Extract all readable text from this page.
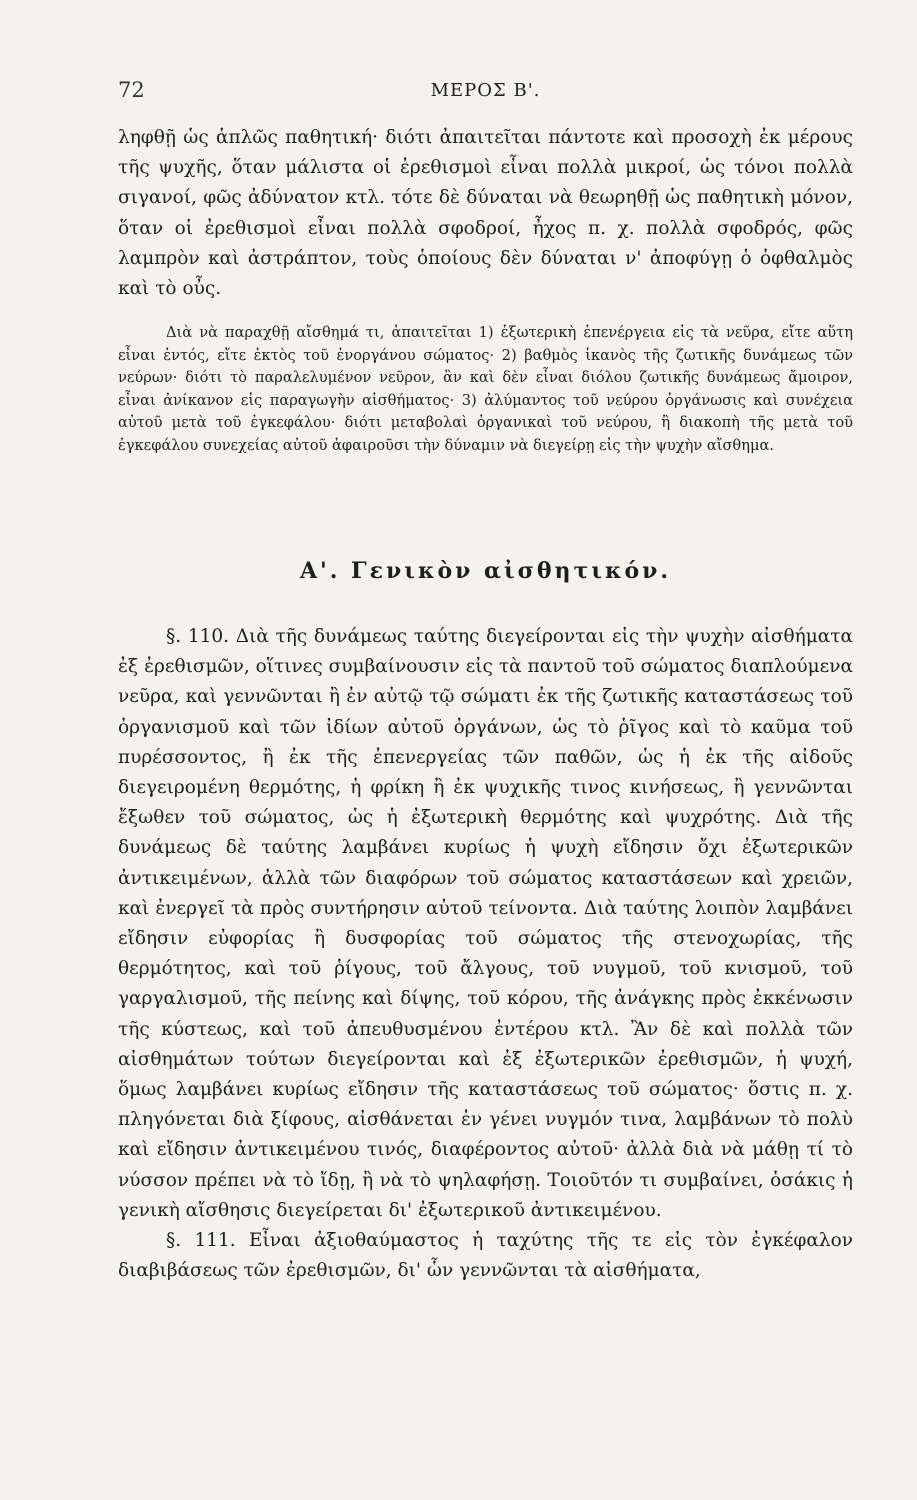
72	ΜΕΡΟΣ Β'.

ληφθῇ ὡς ἁπλῶς παθητική· διότι ἀπαιτεῖται πάντοτε καὶ προσοχὴ ἐκ μέρους τῆς ψυχῆς, ὅταν μάλιστα οἱ ἐρεθισμοὶ εἶναι πολλὰ μικροί, ὡς τόνοι πολλὰ σιγανοί, φῶς ἀδύνατον κτλ. τότε δὲ δύναται νὰ θεωρηθῇ ὡς παθητικὴ μόνον, ὅταν οἱ ἐρεθισμοὶ εἶναι πολλὰ σφοδροί, ἦχος π. χ. πολλὰ σφοδρός, φῶς λαμπρὸν καὶ ἀστράπτον, τοὺς ὁποίους δὲν δύναται ν' ἀποφύγῃ ὁ ὀφθαλμὸς καὶ τὸ οὖς.

Διὰ νὰ παραχθῇ αἴσθημά τι, ἀπαιτεῖται 1) ἐξωτερικὴ ἐπενέργεια εἰς τὰ νεῦρα, εἴτε αὕτη εἶναι ἐντός, εἴτε ἐκτὸς τοῦ ἐνοργάνου σώματος· 2) βαθμὸς ἱκανὸς τῆς ζωτικῆς δυνάμεως τῶν νεύρων· διότι τὸ παραλελυμένον νεῦρον, ἂν καὶ δὲν εἶναι διόλου ζωτικῆς δυνάμεως ἄμοιρον, εἶναι ἀνίκανον εἰς παραγωγὴν αἰσθήματος· 3) ἀλύμαντος τοῦ νεύρου ὀργάνωσις καὶ συνέχεια αὐτοῦ μετὰ τοῦ ἐγκεφάλου· διότι μεταβολαὶ ὀργανικαὶ τοῦ νεύρου, ἢ διακοπὴ τῆς μετὰ τοῦ ἐγκεφάλου συνεχείας αὐτοῦ ἀφαιροῦσι τὴν δύναμιν νὰ διεγείρῃ εἰς τὴν ψυχὴν αἴσθημα.

Α'. Γενικὸν αἰσθητικόν.

§. 110. Διὰ τῆς δυνάμεως ταύτης διεγείρονται εἰς τὴν ψυχὴν αἰσθήματα ἐξ ἐρεθισμῶν, οἵτινες συμβαίνουσιν εἰς τὰ παντοῦ τοῦ σώματος διαπλούμενα νεῦρα, καὶ γεννῶνται ἢ ἐν αὐτῷ τῷ σώματι ἐκ τῆς ζωτικῆς καταστάσεως τοῦ ὀργανισμοῦ καὶ τῶν ἰδίων αὐτοῦ ὀργάνων, ὡς τὸ ῥῖγος καὶ τὸ καῦμα τοῦ πυρέσσοντος, ἢ ἐκ τῆς ἐπενεργείας τῶν παθῶν, ὡς ἡ ἐκ τῆς αἰδοῦς διεγειρομένη θερμότης, ἡ φρίκη ἢ ἐκ ψυχικῆς τινος κινήσεως, ἢ γεννῶνται ἔξωθεν τοῦ σώματος, ὡς ἡ ἐξωτερικὴ θερμότης καὶ ψυχρότης. Διὰ τῆς δυνάμεως δὲ ταύτης λαμβάνει κυρίως ἡ ψυχὴ εἴδησιν ὄχι ἐξωτερικῶν ἀντικειμένων, ἀλλὰ τῶν διαφόρων τοῦ σώματος καταστάσεων καὶ χρειῶν, καὶ ἐνεργεῖ τὰ πρὸς συντήρησιν αὐτοῦ τείνοντα. Διὰ ταύτης λοιπὸν λαμβάνει εἴδησιν εὐφορίας ἢ δυσφορίας τοῦ σώματος τῆς στενοχωρίας, τῆς θερμότητος, καὶ τοῦ ῥίγους, τοῦ ἄλγους, τοῦ νυγμοῦ, τοῦ κνισμοῦ, τοῦ γαργαλισμοῦ, τῆς πείνης καὶ δίψης, τοῦ κόρου, τῆς ἀνάγκης πρὸς ἐκκένωσιν τῆς κύστεως, καὶ τοῦ ἀπευθυσμένου ἐντέρου κτλ. Ἂν δὲ καὶ πολλὰ τῶν αἰσθημάτων τούτων διεγείρονται καὶ ἐξ ἐξωτερικῶν ἐρεθισμῶν, ἡ ψυχή, ὅμως λαμβάνει κυρίως εἴδησιν τῆς καταστάσεως τοῦ σώματος· ὅστις π. χ. πληγόνεται διὰ ξίφους, αἰσθάνεται ἐν γένει νυγμόν τινα, λαμβάνων τὸ πολὺ καὶ εἴδησιν ἀντικειμένου τινός, διαφέροντος αὐτοῦ· ἀλλὰ διὰ νὰ μάθῃ τί τὸ νύσσον πρέπει νὰ τὸ ἴδῃ, ἢ νὰ τὸ ψηλαφήσῃ. Τοιοῦτόν τι συμβαίνει, ὁσάκις ἡ γενικὴ αἴσθησις διεγείρεται δι' ἐξωτερικοῦ ἀντικειμένου.

§. 111. Εἶναι ἀξιοθαύμαστος ἡ ταχύτης τῆς τε εἰς τὸν ἐγκέφαλον διαβιβάσεως τῶν ἐρεθισμῶν, δι' ὧν γεννῶνται τὰ αἰσθήματα,
